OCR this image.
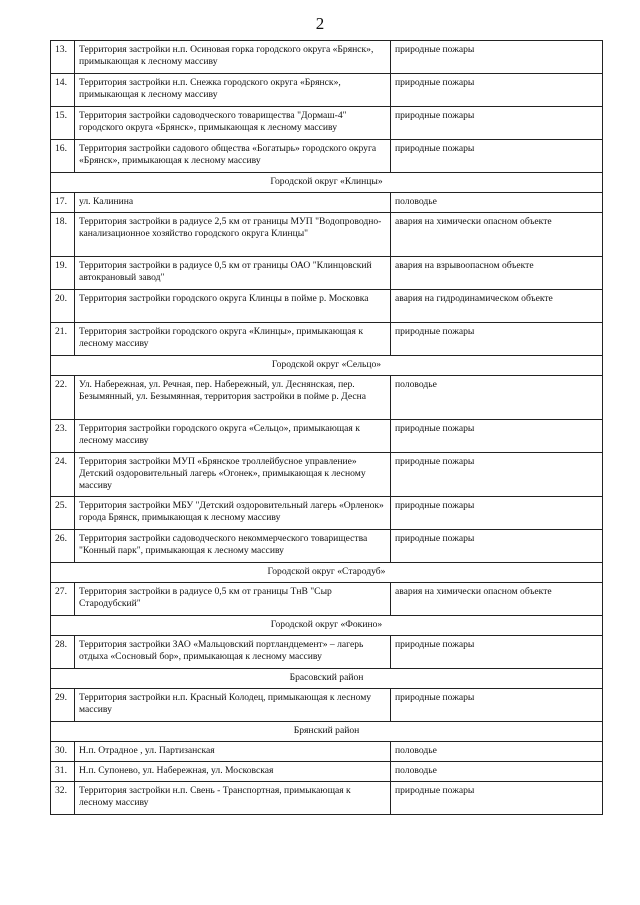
2
13.	Территория застройки н.п. Осиновая горка городского округа «Брянск», примыкающая к лесному массиву	природные пожары
14.	Территория застройки н.п. Снежка городского округа «Брянск», примыкающая к лесному массиву	природные пожары
15.	Территория застройки садоводческого товарищества "Дормаш-4" городского округа «Брянск», примыкающая к лесному массиву	природные пожары
16.	Территория застройки садового общества «Богатырь» городского округа «Брянск», примыкающая к лесному массиву	природные пожары
Городской округ «Клинцы»		
17.	ул. Калинина	половодье
18.	Территория застройки в радиусе 2,5 км от границы МУП "Водопроводно-канализационное хозяйство городского округа Клинцы"	авария на химически опасном объекте
19.	Территория застройки в радиусе 0,5 км от границы ОАО "Клинцовский автокрановый завод"	авария на взрывоопасном объекте
20.	Территория застройки городского округа Клинцы в пойме р. Московка	авария на гидродинамическом объекте
21.	Территория застройки городского округа «Клинцы», примыкающая к лесному массиву	природные пожары
Городской округ «Сельцо»		
22.	Ул. Набережная, ул. Речная, пер. Набережный, ул. Деснянская, пер. Безымянный, ул. Безымянная, территория застройки в пойме р. Десна	половодье
23.	Территория застройки городского округа «Сельцо», примыкающая к лесному массиву	природные пожары
24.	Территория застройки МУП «Брянское троллейбусное управление» Детский оздоровительный лагерь «Огонек», примыкающая к лесному массиву	природные пожары
25.	Территория застройки МБУ "Детский оздоровительный лагерь «Орленок» города Брянск, примыкающая к лесному массиву	природные пожары
26.	Территория застройки садоводческого некоммерческого товарищества "Конный парк", примыкающая к лесному массиву	природные пожары
Городской округ «Стародуб»		
27.	Территория застройки в радиусе 0,5 км от границы ТнВ "Сыр Стародубский"	авария на химически опасном объекте
Городской округ «Фокино»		
28.	Территория застройки ЗАО «Мальцовский портландцемент» – лагерь отдыха «Сосновый бор», примыкающая к лесному массиву	природные пожары
Брасовский район		
29.	Территория застройки н.п. Красный Колодец, примыкающая к лесному массиву	природные пожары
Брянский район		
30.	Н.п. Отрадное , ул. Партизанская	половодье
31.	Н.п. Супонево, ул. Набережная, ул. Московская	половодье
32.	Территория застройки н.п. Свень - Транспортная, примыкающая к лесному массиву	природные пожары
